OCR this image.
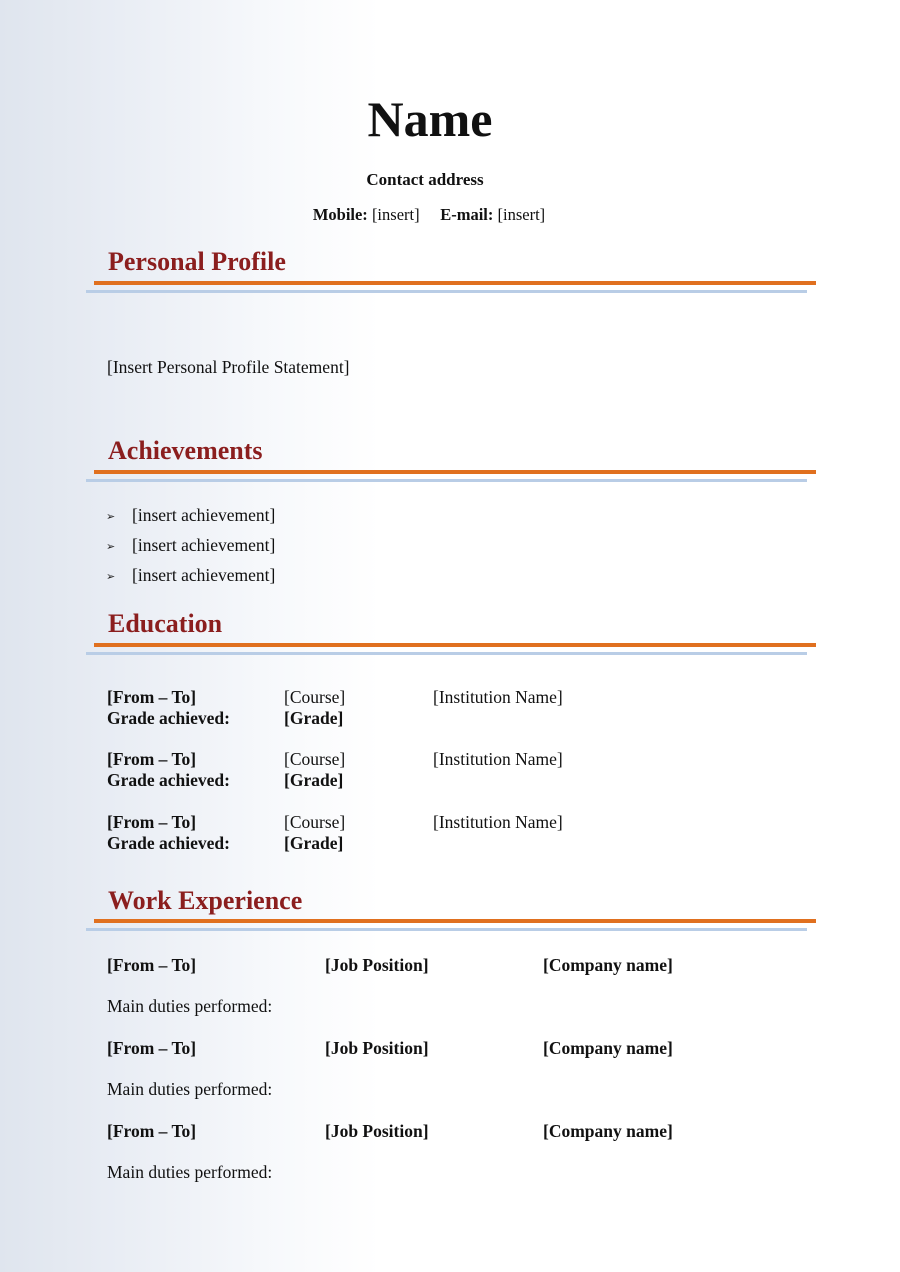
Name
Contact address
Mobile: [insert] E-mail: [insert]
Personal Profile
[Insert Personal Profile Statement]
Achievements
➢ [insert achievement]
➢ [insert achievement]
➢ [insert achievement]
Education
[From – To]	[Course]	[Institution Name]
Grade achieved:	[Grade]
[From – To]	[Course]	[Institution Name]
Grade achieved:	[Grade]
[From – To]	[Course]	[Institution Name]
Grade achieved:	[Grade]
Work Experience
[From – To]	[Job Position]	[Company name]
Main duties performed:
[From – To]	[Job Position]	[Company name]
Main duties performed:
[From – To]	[Job Position]	[Company name]
Main duties performed:
